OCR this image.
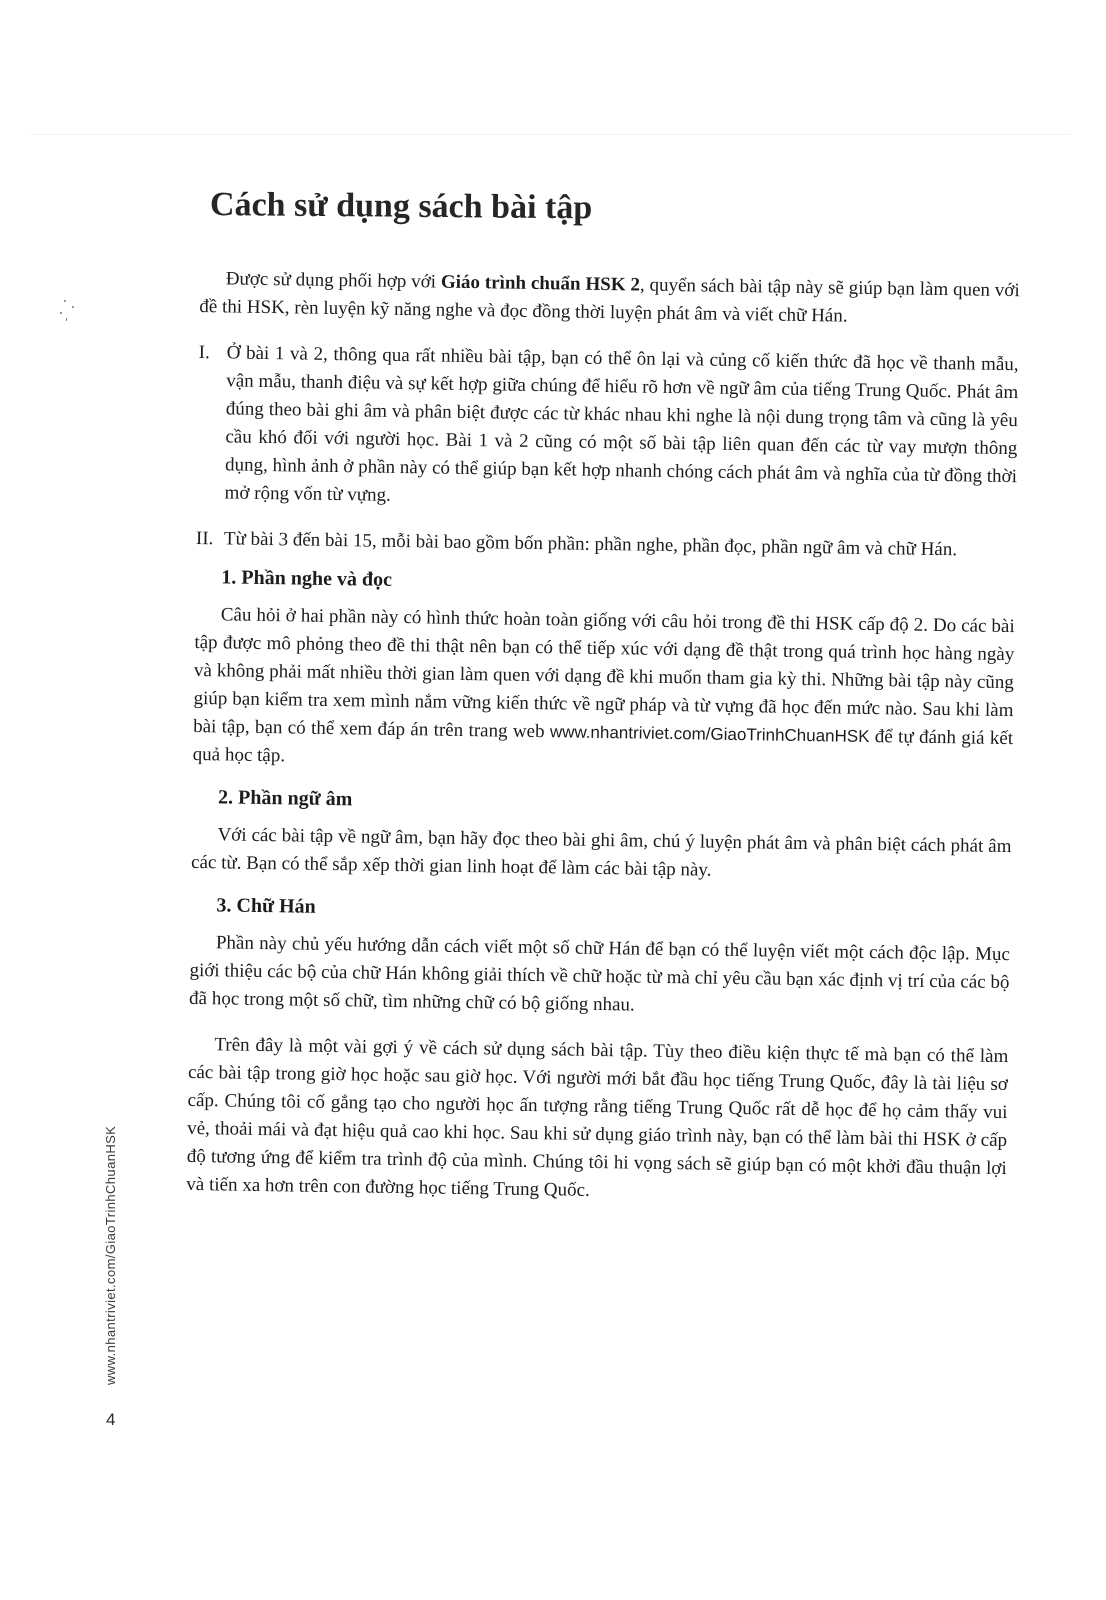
Cách sử dụng sách bài tập

Được sử dụng phối hợp với Giáo trình chuẩn HSK 2, quyển sách bài tập này sẽ giúp bạn làm quen với đề thi HSK, rèn luyện kỹ năng nghe và đọc đồng thời luyện phát âm và viết chữ Hán.

I. Ở bài 1 và 2, thông qua rất nhiều bài tập, bạn có thể ôn lại và củng cố kiến thức đã học về thanh mẫu, vận mẫu, thanh điệu và sự kết hợp giữa chúng để hiểu rõ hơn về ngữ âm của tiếng Trung Quốc. Phát âm đúng theo bài ghi âm và phân biệt được các từ khác nhau khi nghe là nội dung trọng tâm và cũng là yêu cầu khó đối với người học. Bài 1 và 2 cũng có một số bài tập liên quan đến các từ vay mượn thông dụng, hình ảnh ở phần này có thể giúp bạn kết hợp nhanh chóng cách phát âm và nghĩa của từ đồng thời mở rộng vốn từ vựng.

II. Từ bài 3 đến bài 15, mỗi bài bao gồm bốn phần: phần nghe, phần đọc, phần ngữ âm và chữ Hán.

1. Phần nghe và đọc

Câu hỏi ở hai phần này có hình thức hoàn toàn giống với câu hỏi trong đề thi HSK cấp độ 2. Do các bài tập được mô phỏng theo đề thi thật nên bạn có thể tiếp xúc với dạng đề thật trong quá trình học hàng ngày và không phải mất nhiều thời gian làm quen với dạng đề khi muốn tham gia kỳ thi. Những bài tập này cũng giúp bạn kiểm tra xem mình nắm vững kiến thức về ngữ pháp và từ vựng đã học đến mức nào. Sau khi làm bài tập, bạn có thể xem đáp án trên trang web www.nhantriviet.com/GiaoTrinhChuanHSK để tự đánh giá kết quả học tập.

2. Phần ngữ âm

Với các bài tập về ngữ âm, bạn hãy đọc theo bài ghi âm, chú ý luyện phát âm và phân biệt cách phát âm các từ. Bạn có thể sắp xếp thời gian linh hoạt để làm các bài tập này.

3. Chữ Hán

Phần này chủ yếu hướng dẫn cách viết một số chữ Hán để bạn có thể luyện viết một cách độc lập. Mục giới thiệu các bộ của chữ Hán không giải thích về chữ hoặc từ mà chỉ yêu cầu bạn xác định vị trí của các bộ đã học trong một số chữ, tìm những chữ có bộ giống nhau.

Trên đây là một vài gợi ý về cách sử dụng sách bài tập. Tùy theo điều kiện thực tế mà bạn có thể làm các bài tập trong giờ học hoặc sau giờ học. Với người mới bắt đầu học tiếng Trung Quốc, đây là tài liệu sơ cấp. Chúng tôi cố gắng tạo cho người học ấn tượng rằng tiếng Trung Quốc rất dễ học để họ cảm thấy vui vẻ, thoải mái và đạt hiệu quả cao khi học. Sau khi sử dụng giáo trình này, bạn có thể làm bài thi HSK ở cấp độ tương ứng để kiểm tra trình độ của mình. Chúng tôi hi vọng sách sẽ giúp bạn có một khởi đầu thuận lợi và tiến xa hơn trên con đường học tiếng Trung Quốc.

www.nhantriviet.com/GiaoTrinhChuanHSK
4
